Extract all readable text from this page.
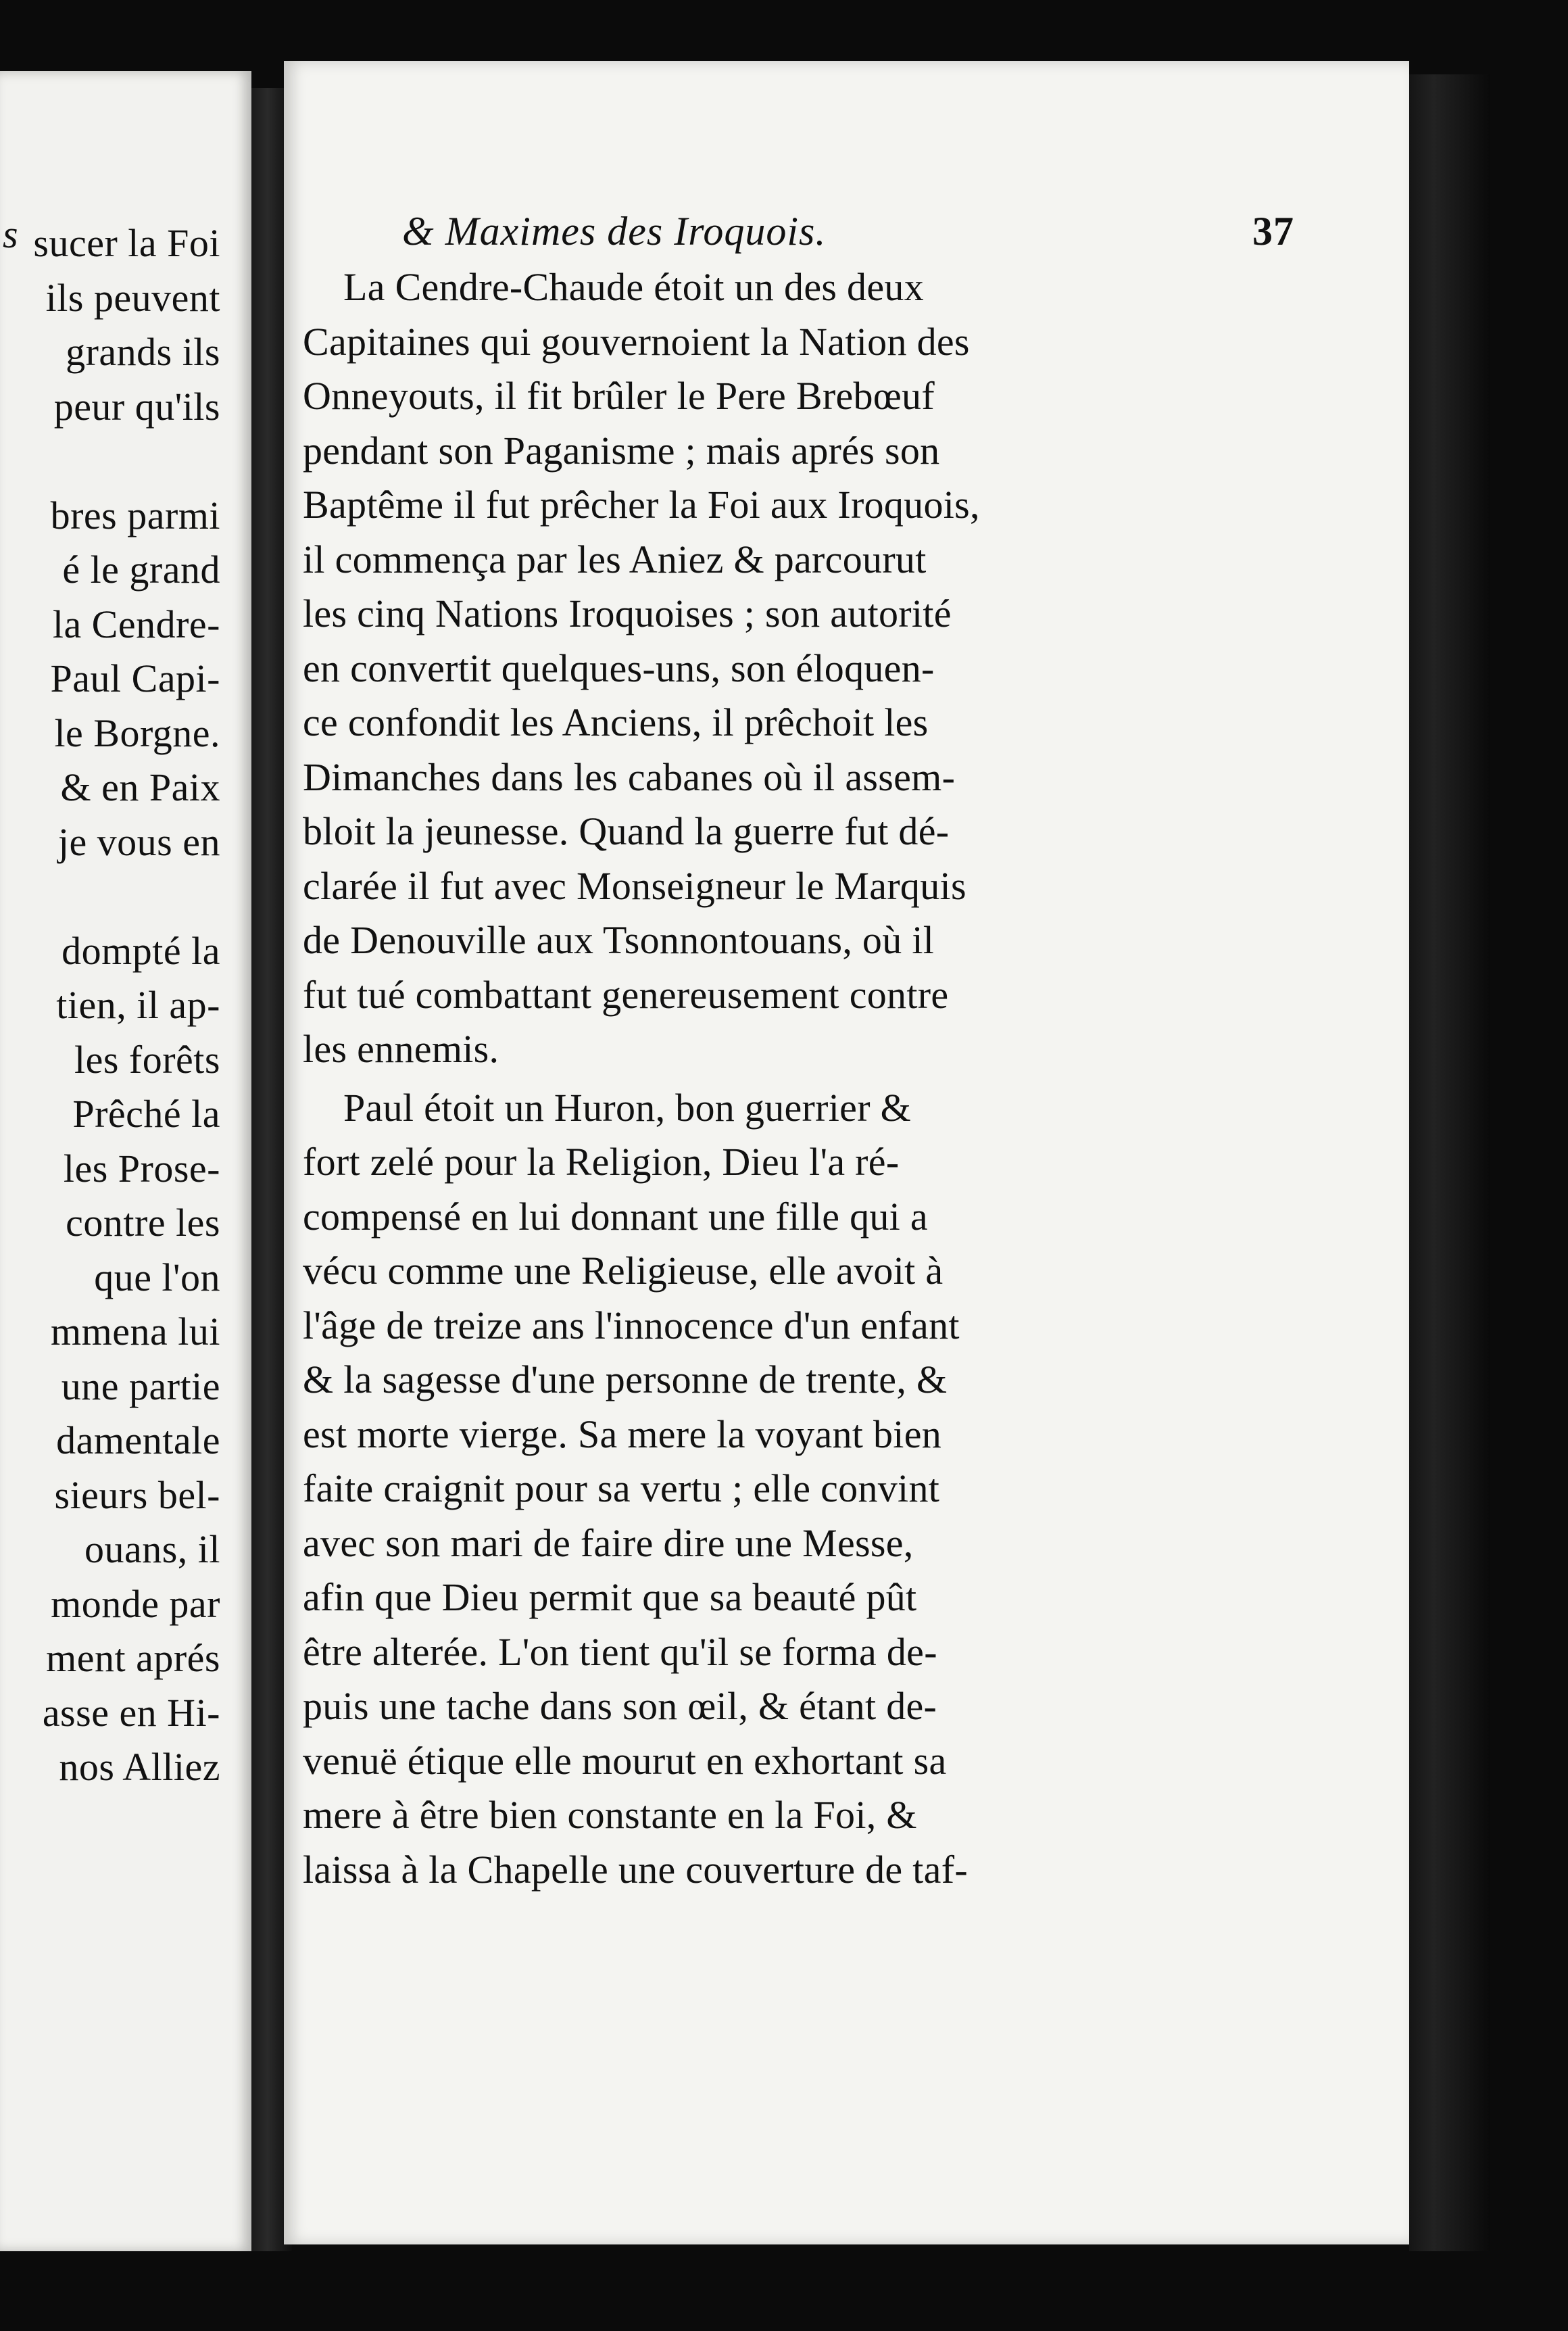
s sucer la Foi
ils peuvent
grands ils
peur qu'ils
bres parmi
é le grand
la Cendre-
Paul Capi-
le Borgne.
& en Paix
je vous en
dompté la
tien, il ap-
les forêts
Prêché la
les Prose-
contre les
que l'on
mmena lui
une partie
damentale
sieurs bel-
ouans, il
monde par
ment aprés
asse en Hi-
nos Alliez
& Maximes des Iroquois.	37
La Cendre-Chaude étoit un des deux
Capitaines qui gouvernoient la Nation des
Onneyouts, il fit brûler le Pere Brebœuf
pendant son Paganisme ; mais aprés son
Baptême il fut prêcher la Foi aux Iroquois,
il commença par les Aniez & parcourut
les cinq Nations Iroquoises ; son autorité
en convertit quelques-uns, son éloquen-
ce confondit les Anciens, il prêchoit les
Dimanches dans les cabanes où il assem-
bloit la jeunesse. Quand la guerre fut dé-
clarée il fut avec Monseigneur le Marquis
de Denouville aux Tsonnontouans, où il
fut tué combattant genereusement contre
les ennemis.
Paul étoit un Huron, bon guerrier &
fort zelé pour la Religion, Dieu l'a ré-
compensé en lui donnant une fille qui a
vécu comme une Religieuse, elle avoit à
l'âge de treize ans l'innocence d'un enfant
& la sagesse d'une personne de trente, &
est morte vierge. Sa mere la voyant bien
faite craignit pour sa vertu ; elle convint
avec son mari de faire dire une Messe,
afin que Dieu permit que sa beauté pût
être alterée. L'on tient qu'il se forma de-
puis une tache dans son œil, & étant de-
venuë étique elle mourut en exhortant sa
mere à être bien constante en la Foi, &
laissa à la Chapelle une couverture de taf-
